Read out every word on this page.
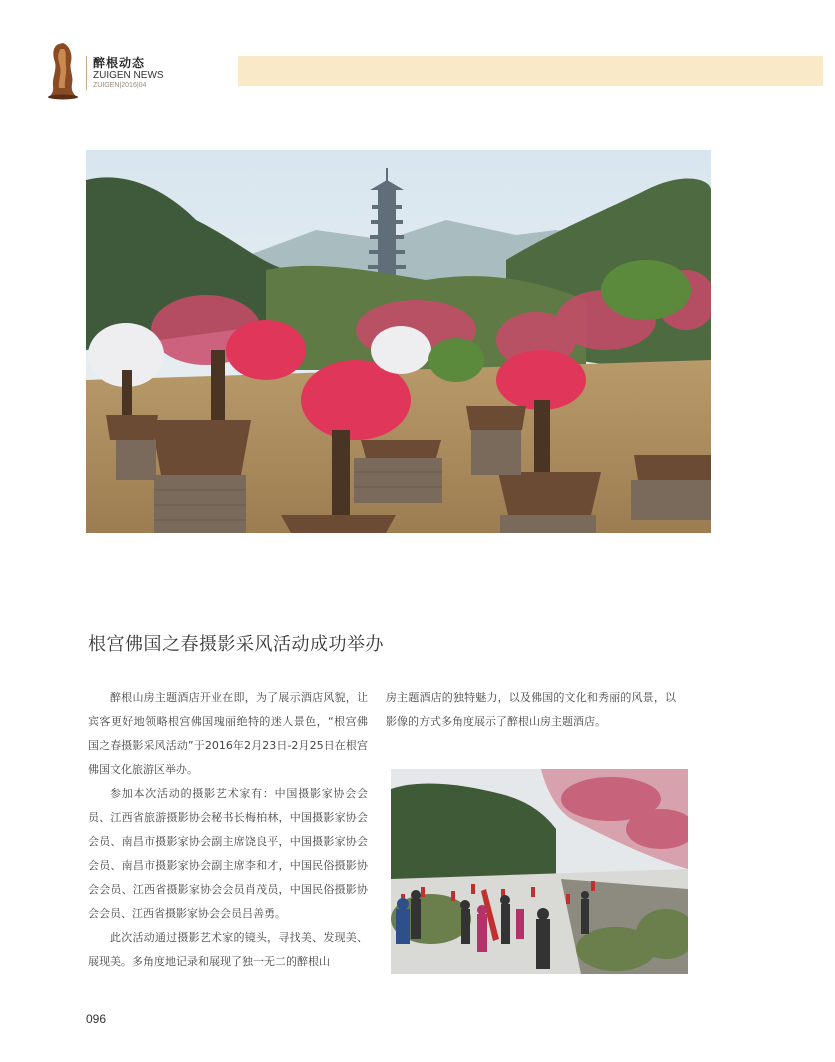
醉根动态
ZUIGEN NEWS
ZUIGEN|2016|04
根宫佛国之春摄影采风活动成功举办

醉根山房主题酒店开业在即，为了展示酒店风貌，让宾客更好地领略根宫佛国瑰丽绝特的迷人景色，“根宫佛国之春摄影采风活动”于2016年2月23日-2月25日在根宫佛国文化旅游区举办。

参加本次活动的摄影艺术家有：中国摄影家协会会员、江西省旅游摄影协会秘书长梅柏林，中国摄影家协会会员、南昌市摄影家协会副主席饶良平，中国摄影家协会会员、南昌市摄影家协会副主席李和才，中国民俗摄影协会会员、江西省摄影家协会会员肖茂员，中国民俗摄影协会会员、江西省摄影家协会会员吕善勇。

此次活动通过摄影艺术家的镜头，寻找美、发现美、展现美。多角度地记录和展现了独一无二的醉根山

房主题酒店的独特魅力，以及佛国的文化和秀丽的风景，以影像的方式多角度展示了醉根山房主题酒店。

096
